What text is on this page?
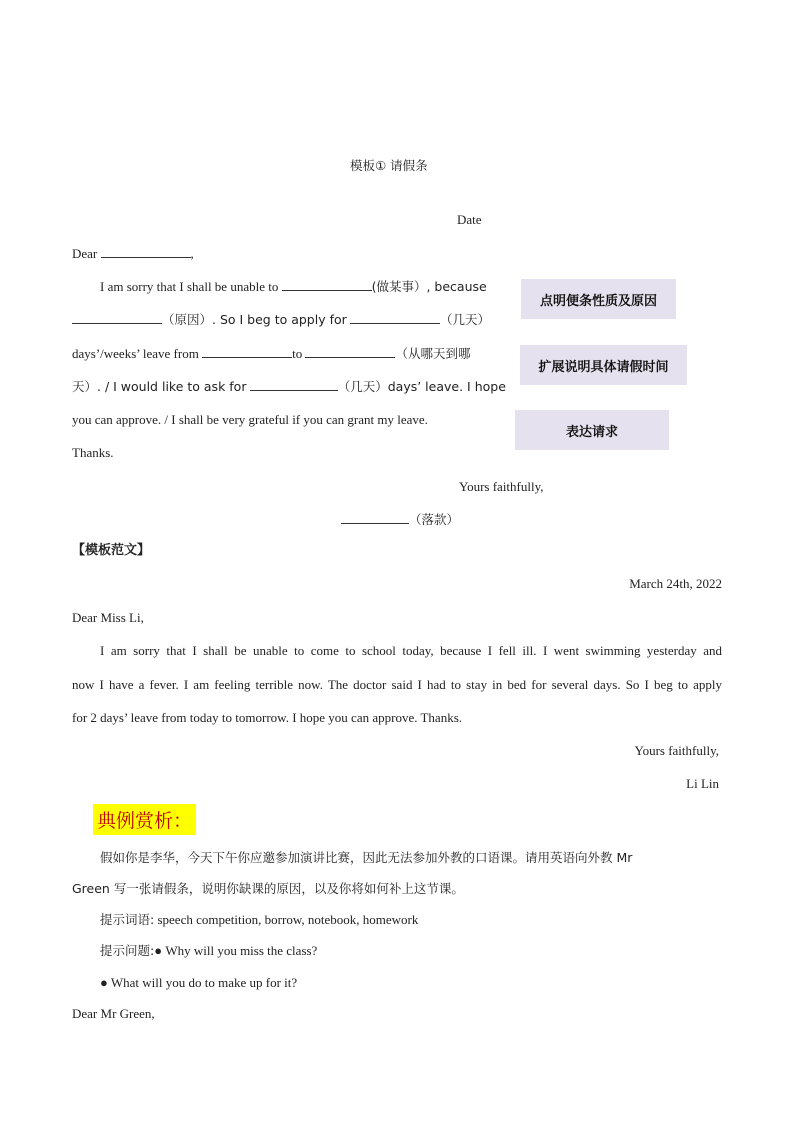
模板① 请假条
Date
Dear	,
I am sorry that I shall be unable to	(做某事）, because
（原因）. So I beg to apply for	（几天）
days’/weeks’ leave from	to	（从哪天到哪
天）. / I would like to ask for	（几天）days’ leave. I hope
you can approve. / I shall be very grateful if you can grant my leave.
Thanks.
Yours faithfully,
（落款）
点明便条性质及原因
扩展说明具体请假时间
表达请求
【模板范文】
March 24th, 2022
Dear Miss Li,
I am sorry that I shall be unable to come to school today, because I fell ill. I went swimming yesterday and
now I have a fever. I am feeling terrible now. The doctor said I had to stay in bed for several days. So I beg to apply
for 2 days’ leave from today to tomorrow. I hope you can approve. Thanks.
Yours faithfully,
Li Lin
典例赏析：
假如你是李华，今天下午你应邀参加演讲比赛，因此无法参加外教的口语课。请用英语向外教 Mr
Green 写一张请假条，说明你缺课的原因，以及你将如何补上这节课。
提示词语: speech competition, borrow, notebook, homework
提示问题:● Why will you miss the class?
● What will you do to make up for it?
Dear Mr Green,
